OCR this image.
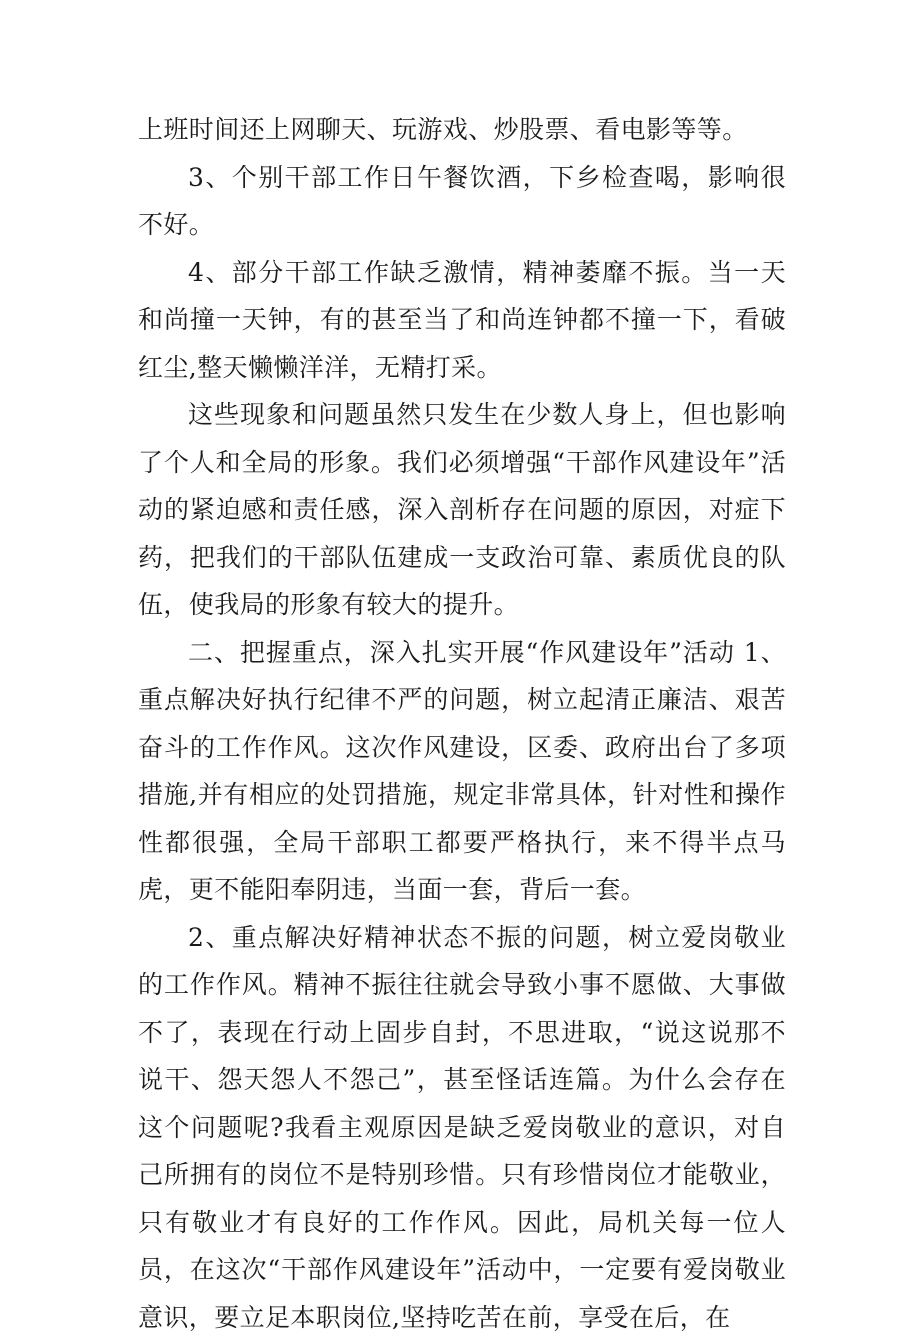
上班时间还上网聊天、玩游戏、炒股票、看电影等等。

3、个别干部工作日午餐饮酒，下乡检查喝，影响很不好。

4、部分干部工作缺乏激情，精神萎靡不振。当一天和尚撞一天钟，有的甚至当了和尚连钟都不撞一下，看破红尘,整天懒懒洋洋，无精打采。

这些现象和问题虽然只发生在少数人身上，但也影响了个人和全局的形象。我们必须增强“干部作风建设年”活动的紧迫感和责任感，深入剖析存在问题的原因，对症下药，把我们的干部队伍建成一支政治可靠、素质优良的队伍，使我局的形象有较大的提升。

二、把握重点，深入扎实开展“作风建设年”活动 1、重点解决好执行纪律不严的问题，树立起清正廉洁、艰苦奋斗的工作作风。这次作风建设，区委、政府出台了多项措施,并有相应的处罚措施，规定非常具体，针对性和操作性都很强，全局干部职工都要严格执行，来不得半点马虎，更不能阳奉阴违，当面一套，背后一套。

2、重点解决好精神状态不振的问题，树立爱岗敬业的工作作风。精神不振往往就会导致小事不愿做、大事做不了，表现在行动上固步自封，不思进取，“说这说那不说干、怨天怨人不怨己”，甚至怪话连篇。为什么会存在这个问题呢?我看主观原因是缺乏爱岗敬业的意识，对自己所拥有的岗位不是特别珍惜。只有珍惜岗位才能敬业，只有敬业才有良好的工作作风。因此，局机关每一位人员，在这次“干部作风建设年”活动中，一定要有爱岗敬业意识，要立足本职岗位,坚持吃苦在前，享受在后，在
